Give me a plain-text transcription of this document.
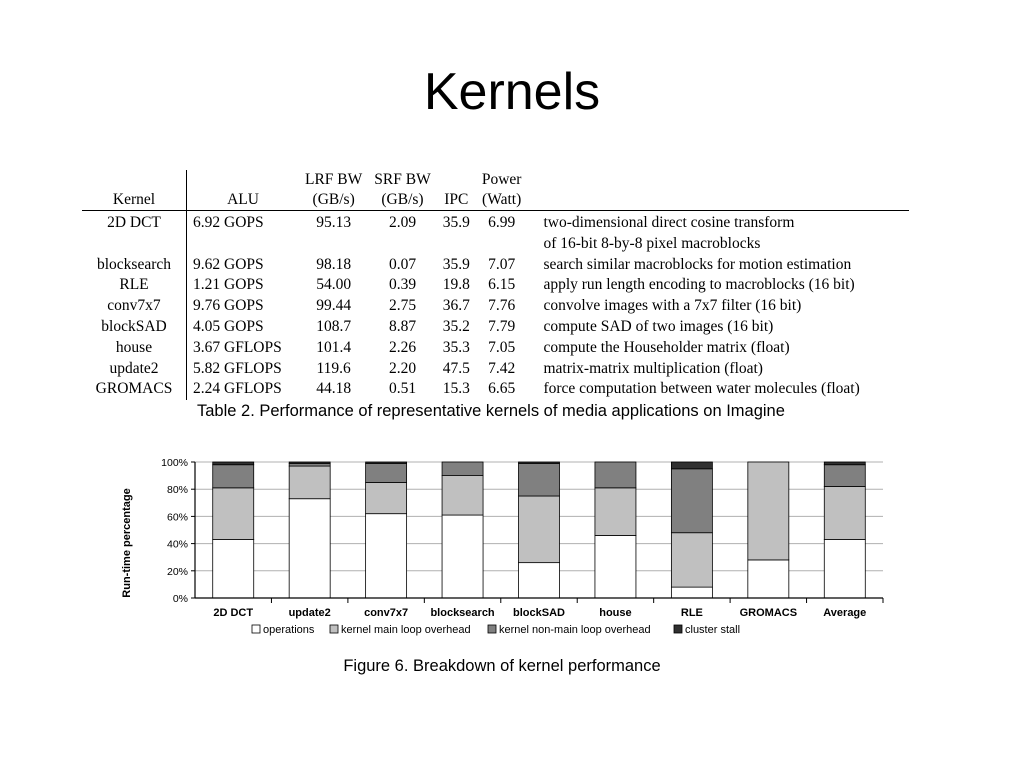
Kernels
		LRF BW	SRF BW		Power	
Kernel	ALU	(GB/s)	(GB/s)	IPC	(Watt)	
2D DCT	6.92 GOPS	95.13	2.09	35.9	6.99	two-dimensional direct cosine transform
						of 16-bit 8-by-8 pixel macroblocks
blocksearch	9.62 GOPS	98.18	0.07	35.9	7.07	search similar macroblocks for motion estimation
RLE	1.21 GOPS	54.00	0.39	19.8	6.15	apply run length encoding to macroblocks (16 bit)
conv7x7	9.76 GOPS	99.44	2.75	36.7	7.76	convolve images with a 7x7 filter (16 bit)
blockSAD	4.05 GOPS	108.7	8.87	35.2	7.79	compute SAD of two images (16 bit)
house	3.67 GFLOPS	101.4	2.26	35.3	7.05	compute the Householder matrix (float)
update2	5.82 GFLOPS	119.6	2.20	47.5	7.42	matrix-matrix multiplication (float)
GROMACS	2.24 GFLOPS	44.18	0.51	15.3	6.65	force computation between water molecules (float)
Table 2. Performance of representative kernels of media applications on Imagine
Run-time percentage
0%
20%
40%
60%
80%
100%
2D DCT	update2	conv7x7 blocksearch blockSAD	house	RLE	GROMACS Average
operations kernel main loop overhead	kernel non-main loop overhead	cluster stall
Figure 6. Breakdown of kernel performance
